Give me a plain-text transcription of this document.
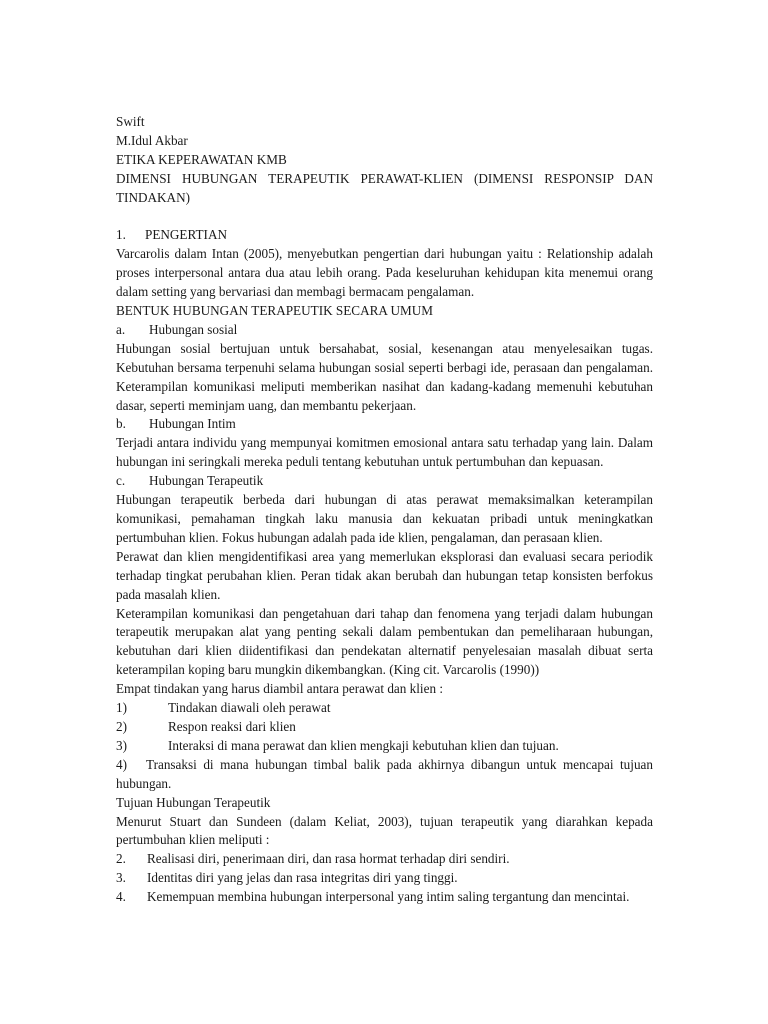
Swift

M.Idul Akbar

ETIKA KEPERAWATAN KMB

DIMENSI HUBUNGAN TERAPEUTIK PERAWAT-KLIEN (DIMENSI RESPONSIP DAN TINDAKAN)

1.	PENGERTIAN

Varcarolis dalam Intan (2005), menyebutkan pengertian dari hubungan yaitu : Relationship adalah proses interpersonal antara dua atau lebih orang. Pada keseluruhan kehidupan kita menemui orang dalam setting yang bervariasi dan membagi bermacam pengalaman.

BENTUK HUBUNGAN TERAPEUTIK SECARA UMUM

a.	Hubungan sosial

Hubungan sosial bertujuan untuk bersahabat, sosial, kesenangan atau menyelesaikan tugas. Kebutuhan bersama terpenuhi selama hubungan sosial seperti berbagi ide, perasaan dan pengalaman. Keterampilan komunikasi meliputi memberikan nasihat dan kadang-kadang memenuhi kebutuhan dasar, seperti meminjam uang, dan membantu pekerjaan.

b.	Hubungan Intim

Terjadi antara individu yang mempunyai komitmen emosional antara satu terhadap yang lain. Dalam hubungan ini seringkali mereka peduli tentang kebutuhan untuk pertumbuhan dan kepuasan.

c.	Hubungan Terapeutik

Hubungan terapeutik berbeda dari hubungan di atas perawat memaksimalkan keterampilan komunikasi, pemahaman tingkah laku manusia dan kekuatan pribadi untuk meningkatkan pertumbuhan klien. Fokus hubungan adalah pada ide klien, pengalaman, dan perasaan klien.

Perawat dan klien mengidentifikasi area yang memerlukan eksplorasi dan evaluasi secara periodik terhadap tingkat perubahan klien. Peran tidak akan berubah dan hubungan tetap konsisten berfokus pada masalah klien.

Keterampilan komunikasi dan pengetahuan dari tahap dan fenomena yang terjadi dalam hubungan terapeutik merupakan alat yang penting sekali dalam pembentukan dan pemeliharaan hubungan, kebutuhan dari klien diidentifikasi dan pendekatan alternatif penyelesaian masalah dibuat serta keterampilan koping baru mungkin dikembangkan. (King cit. Varcarolis (1990))

Empat tindakan yang harus diambil antara perawat dan klien :

1)	Tindakan diawali oleh perawat
2)	Respon reaksi dari klien
3)	Interaksi di mana perawat dan klien mengkaji kebutuhan klien dan tujuan.

4) Transaksi di mana hubungan timbal balik pada akhirnya dibangun untuk mencapai tujuan hubungan.

Tujuan Hubungan Terapeutik

Menurut Stuart dan Sundeen (dalam Keliat, 2003), tujuan terapeutik yang diarahkan kepada pertumbuhan klien meliputi :

2.	Realisasi diri, penerimaan diri, dan rasa hormat terhadap diri sendiri.
3.	Identitas diri yang jelas dan rasa integritas diri yang tinggi.
4.	Kemempuan membina hubungan interpersonal yang intim saling tergantung dan mencintai.
